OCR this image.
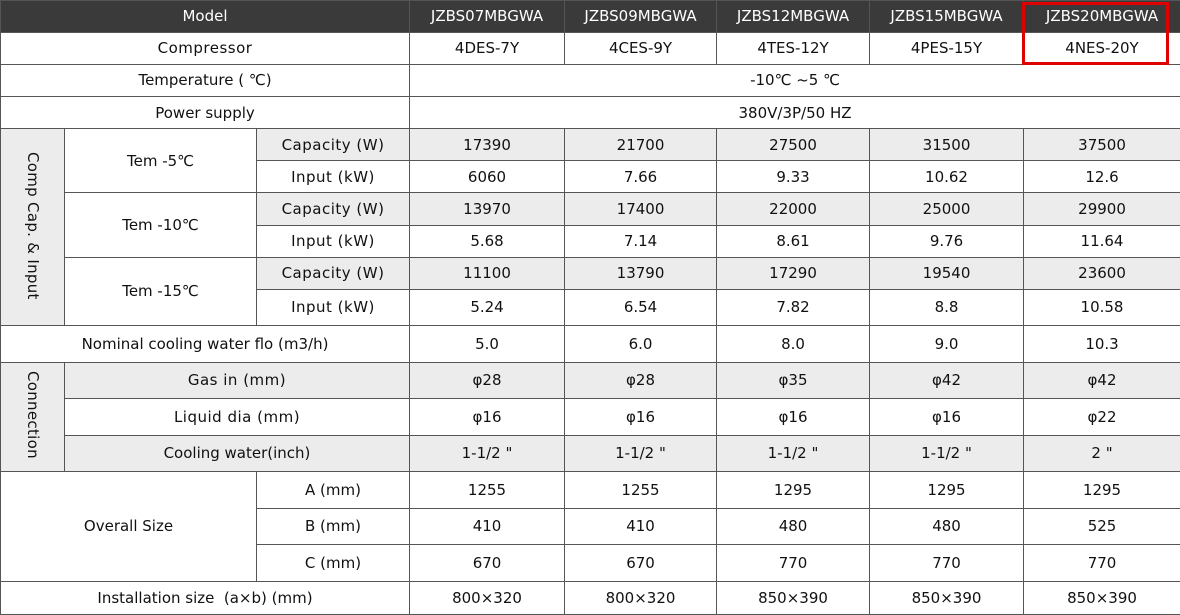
Model			JZBS07MBGWA	JZBS09MBGWA	JZBS12MBGWA	JZBS15MBGWA	JZBS20MBGWA
Compressor			4DES-7Y	4CES-9Y	4TES-12Y	4PES-15Y	4NES-20Y
Temperature ( ℃)			-10℃ ~5 ℃				
Power supply			380V/3P/50 HZ				
Comp Cap. & Input	Tem -5℃	Capacity (W)	17390	21700	27500	31500	37500
		Input (kW)	6060	7.66	9.33	10.62	12.6
	Tem -10℃	Capacity (W)	13970	17400	22000	25000	29900
		Input (kW)	5.68	7.14	8.61	9.76	11.64
	Tem -15℃	Capacity (W)	11100	13790	17290	19540	23600
		Input (kW)	5.24	6.54	7.82	8.8	10.58
Nominal cooling water flo (m3/h)			5.0	6.0	8.0	9.0	10.3
Connection	Gas in (mm)		φ28	φ28	φ35	φ42	φ42
	Liquid dia (mm)		φ16	φ16	φ16	φ16	φ22
	Cooling water(inch)		1-1/2 "	1-1/2 "	1-1/2 "	1-1/2 "	2 "
Overall Size		A (mm)	1255	1255	1295	1295	1295
		B (mm)	410	410	480	480	525
		C (mm)	670	670	770	770	770
Installation size  (a×b) (mm)			800×320	800×320	850×390	850×390	850×390
